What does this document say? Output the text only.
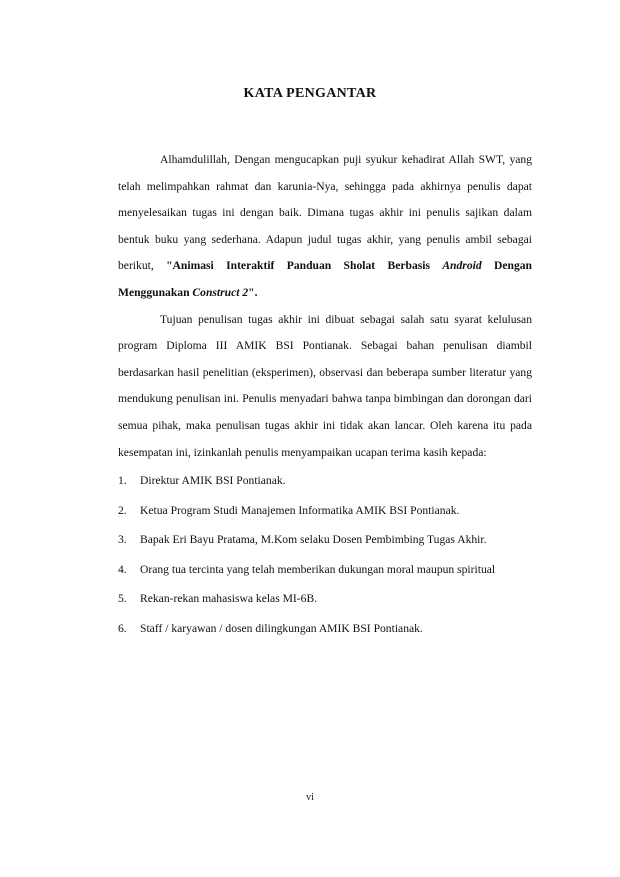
KATA PENGANTAR

Alhamdulillah, Dengan mengucapkan puji syukur kehadirat Allah SWT, yang telah melimpahkan rahmat dan karunia-Nya, sehingga pada akhirnya penulis dapat menyelesaikan tugas ini dengan baik. Dimana tugas akhir ini penulis sajikan dalam bentuk buku yang sederhana. Adapun judul tugas akhir, yang penulis ambil sebagai berikut, "Animasi Interaktif Panduan Sholat Berbasis Android Dengan Menggunakan Construct 2".

Tujuan penulisan tugas akhir ini dibuat sebagai salah satu syarat kelulusan program Diploma III AMIK BSI Pontianak. Sebagai bahan penulisan diambil berdasarkan hasil penelitian (eksperimen), observasi dan beberapa sumber literatur yang mendukung penulisan ini. Penulis menyadari bahwa tanpa bimbingan dan dorongan dari semua pihak, maka penulisan tugas akhir ini tidak akan lancar. Oleh karena itu pada kesempatan ini, izinkanlah penulis menyampaikan ucapan terima kasih kepada:

1.	Direktur AMIK BSI Pontianak.
2.	Ketua Program Studi Manajemen Informatika AMIK BSI Pontianak.
3.	Bapak Eri Bayu Pratama, M.Kom selaku Dosen Pembimbing Tugas Akhir.
4.	Orang tua tercinta yang telah memberikan dukungan moral maupun spiritual
5.	Rekan-rekan mahasiswa kelas MI-6B.
6.	Staff / karyawan / dosen dilingkungan AMIK BSI Pontianak.
vi
